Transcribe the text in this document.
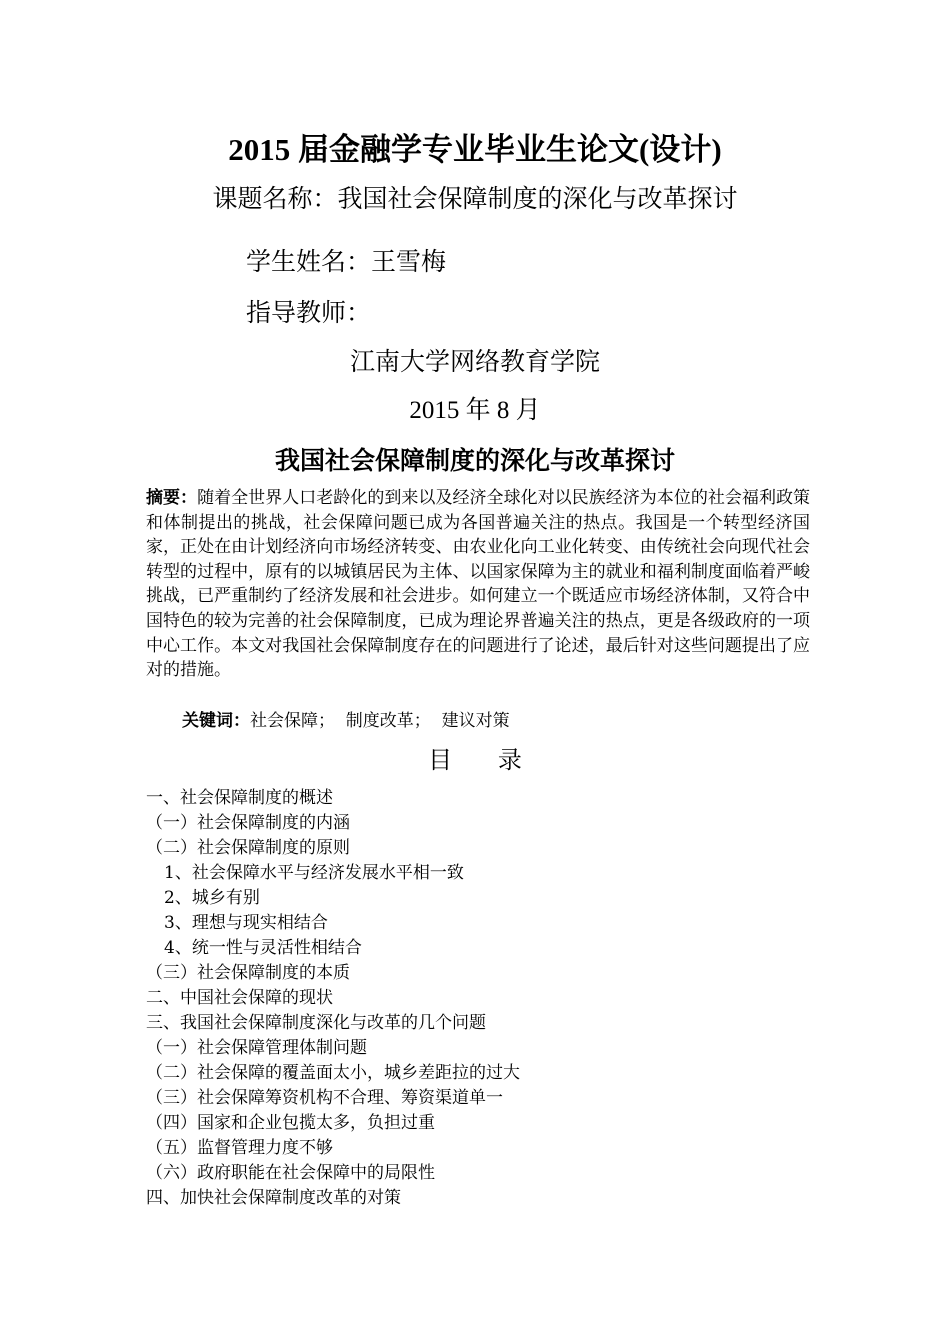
2015 届金融学专业毕业生论文(设计)
课题名称：我国社会保障制度的深化与改革探讨
学生姓名：王雪梅
指导教师：
江南大学网络教育学院
2015 年 8 月
我国社会保障制度的深化与改革探讨
摘要：随着全世界人口老龄化的到来以及经济全球化对以民族经济为本位的社会福利政策和体制提出的挑战，社会保障问题已成为各国普遍关注的热点。我国是一个转型经济国家，正处在由计划经济向市场经济转变、由农业化向工业化转变、由传统社会向现代社会转型的过程中，原有的以城镇居民为主体、以国家保障为主的就业和福利制度面临着严峻挑战，已严重制约了经济发展和社会进步。如何建立一个既适应市场经济体制，又符合中国特色的较为完善的社会保障制度，已成为理论界普遍关注的热点，更是各级政府的一项中心工作。本文对我国社会保障制度存在的问题进行了论述，最后针对这些问题提出了应对的措施。
关键词：社会保障；  制度改革；  建议对策
目      录
一、社会保障制度的概述
（一）社会保障制度的内涵
（二）社会保障制度的原则
1、社会保障水平与经济发展水平相一致
2、城乡有别
3、理想与现实相结合
4、统一性与灵活性相结合
（三）社会保障制度的本质
二、中国社会保障的现状
三、我国社会保障制度深化与改革的几个问题
（一）社会保障管理体制问题
（二）社会保障的覆盖面太小，城乡差距拉的过大
（三）社会保障筹资机构不合理、筹资渠道单一
（四）国家和企业包揽太多，负担过重
（五）监督管理力度不够
（六）政府职能在社会保障中的局限性
四、加快社会保障制度改革的对策
